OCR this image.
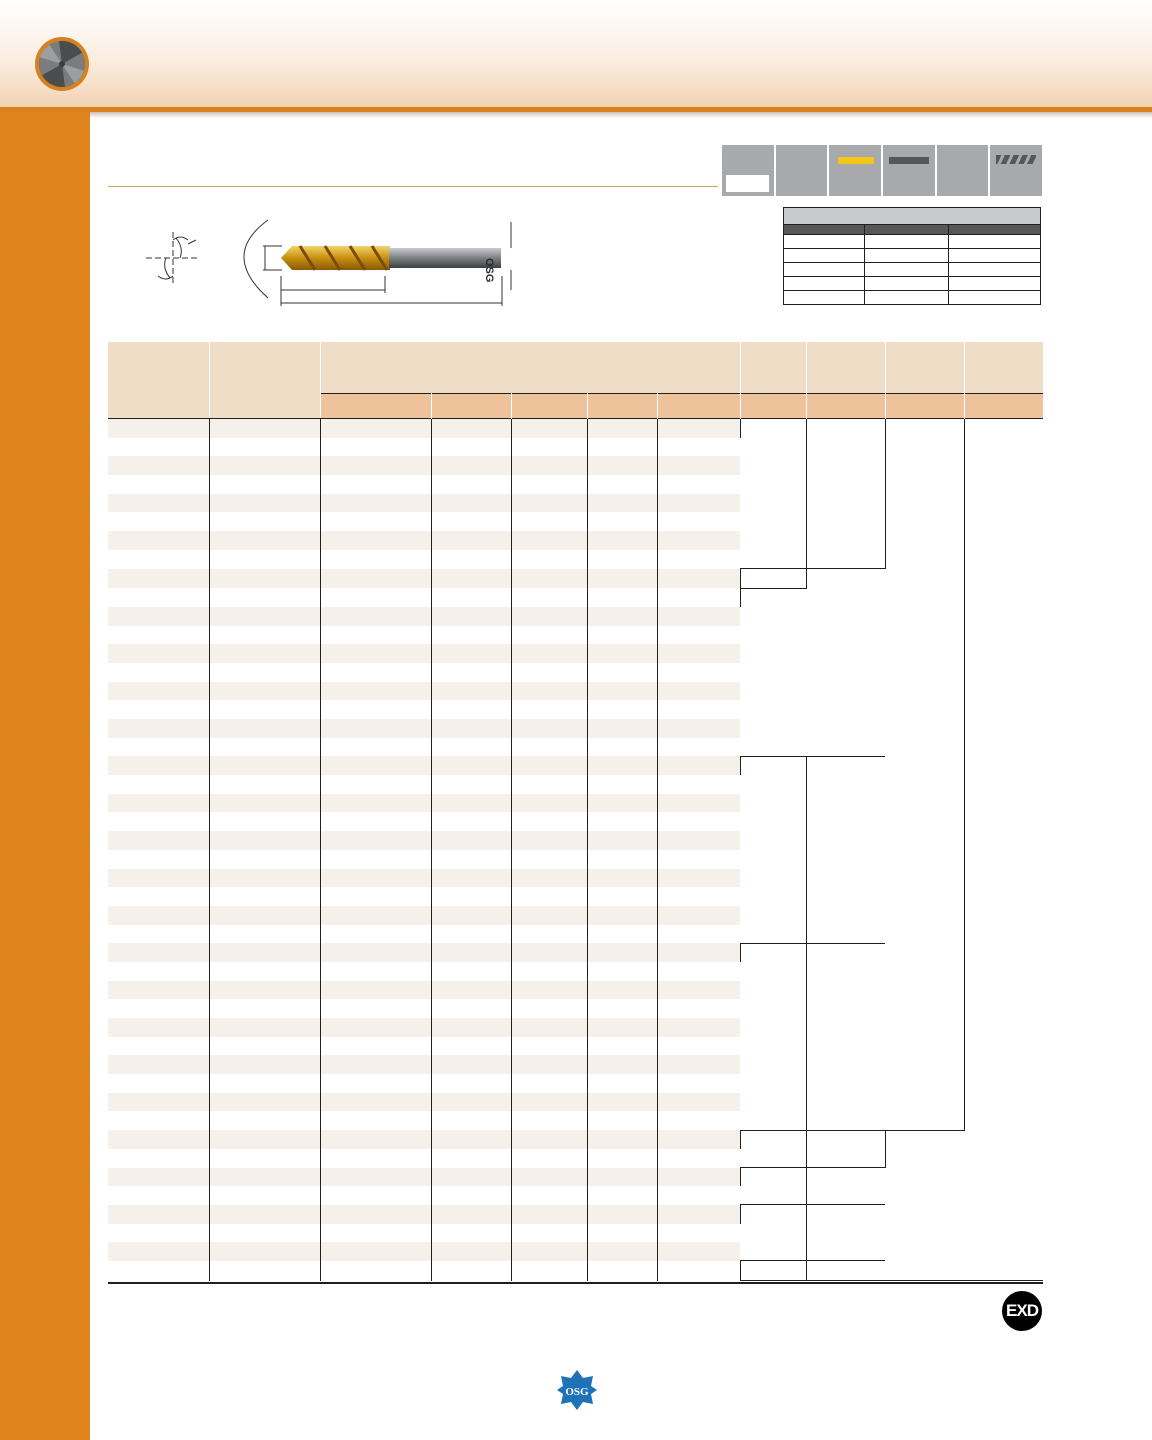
OSG

EXD
OSG
